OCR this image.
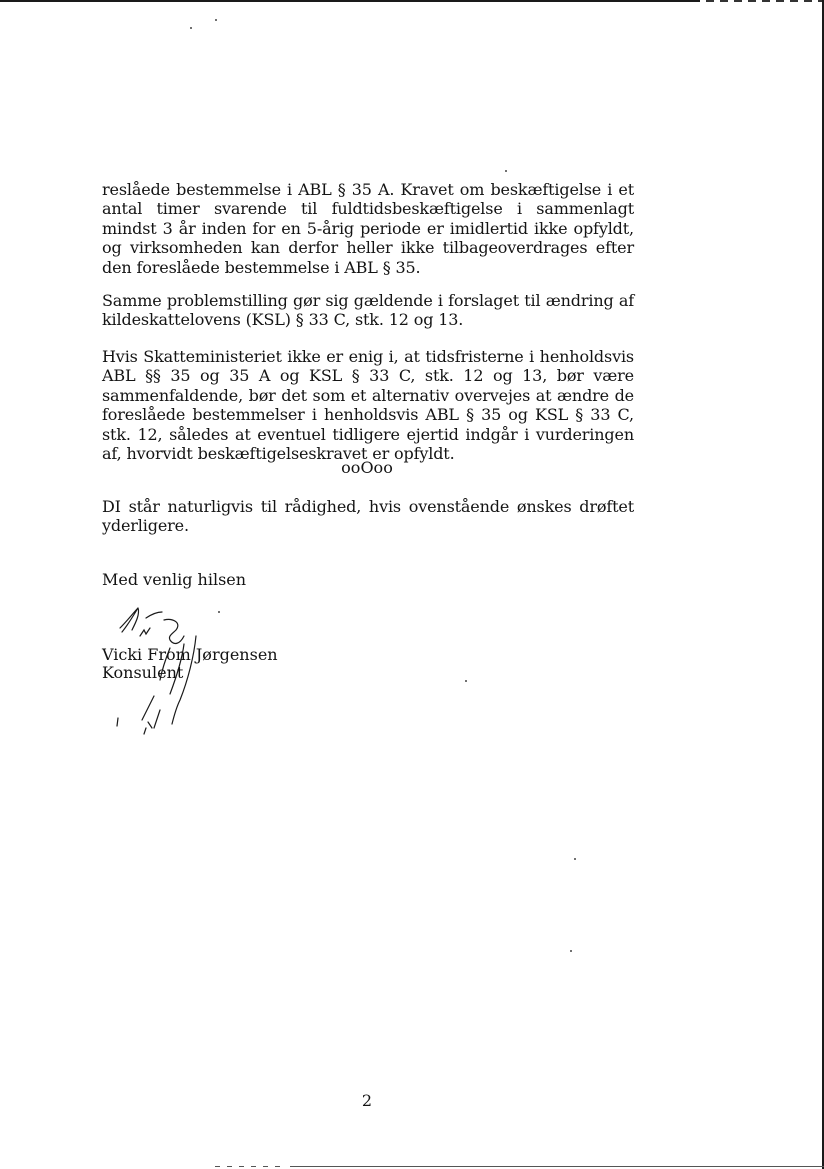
reslåede bestemmelse i ABL § 35 A. Kravet om beskæftigelse i et antal timer svarende til fuldtidsbeskæftigelse i sammenlagt mindst 3 år inden for en 5-årig periode er imidlertid ikke opfyldt, og virksomheden kan derfor heller ikke tilbageoverdrages efter den foreslåede bestemmelse i ABL § 35.

Samme problemstilling gør sig gældende i forslaget til ændring af kildeskattelovens (KSL) § 33 C, stk. 12 og 13.

Hvis Skatteministeriet ikke er enig i, at tidsfristerne i henholdsvis ABL §§ 35 og 35 A og KSL § 33 C, stk. 12 og 13, bør være sammenfaldende, bør det som et alternativ overvejes at ændre de foreslåede bestemmelser i henholdsvis ABL § 35 og KSL § 33 C, stk. 12, således at eventuel tidligere ejertid indgår i vurderingen af, hvorvidt beskæftigelseskravet er opfyldt.

ooOoo

DI står naturligvis til rådighed, hvis ovenstående ønskes drøftet yderligere.

Med venlig hilsen
Vicki From Jørgensen
Konsulent
2
